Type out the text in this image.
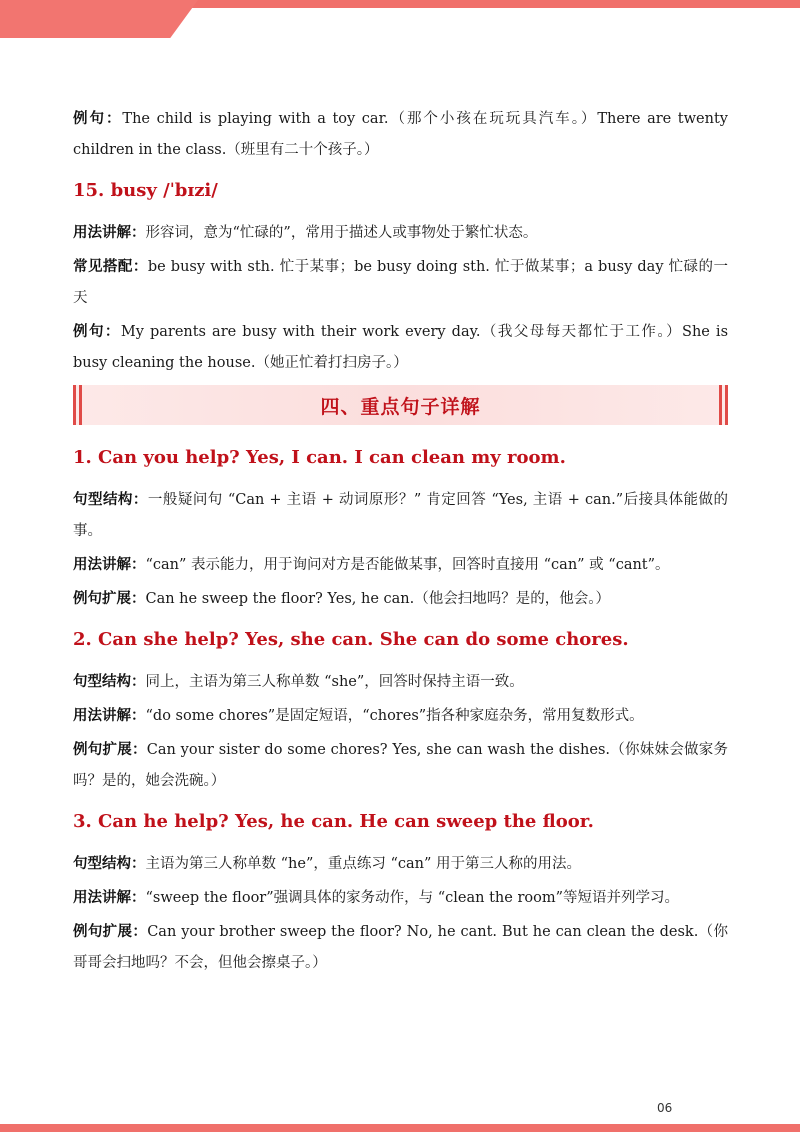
例句：The child is playing with a toy car.（那个小孩在玩玩具汽车。）There are twenty children in the class.（班里有二十个孩子。）

15. busy /ˈbɪzi/

用法讲解：形容词，意为“忙碌的”，常用于描述人或事物处于繁忙状态。

常见搭配：be busy with sth. 忙于某事；be busy doing sth. 忙于做某事；a busy day 忙碌的一天

例句：My parents are busy with their work every day.（我父母每天都忙于工作。）She is busy cleaning the house.（她正忙着打扫房子。）

四、重点句子详解
1. Can you help? Yes, I can. I can clean my room.

句型结构：一般疑问句 “Can + 主语 + 动词原形？” 肯定回答 “Yes, 主语 + can.”后接具体能做的事。

用法讲解：“can” 表示能力，用于询问对方是否能做某事，回答时直接用 “can” 或 “cant”。

例句扩展：Can he sweep the floor? Yes, he can.（他会扫地吗？是的，他会。）

2. Can she help? Yes, she can. She can do some chores.

句型结构：同上，主语为第三人称单数 “she”，回答时保持主语一致。

用法讲解：“do some chores”是固定短语，“chores”指各种家庭杂务，常用复数形式。

例句扩展：Can your sister do some chores? Yes, she can wash the dishes.（你妹妹会做家务吗？是的，她会洗碗。）

3. Can he help? Yes, he can. He can sweep the floor.

句型结构：主语为第三人称单数 “he”，重点练习 “can” 用于第三人称的用法。

用法讲解：“sweep the floor”强调具体的家务动作，与 “clean the room”等短语并列学习。

例句扩展：Can your brother sweep the floor? No, he cant. But he can clean the desk.（你哥哥会扫地吗？不会，但他会擦桌子。）

06
